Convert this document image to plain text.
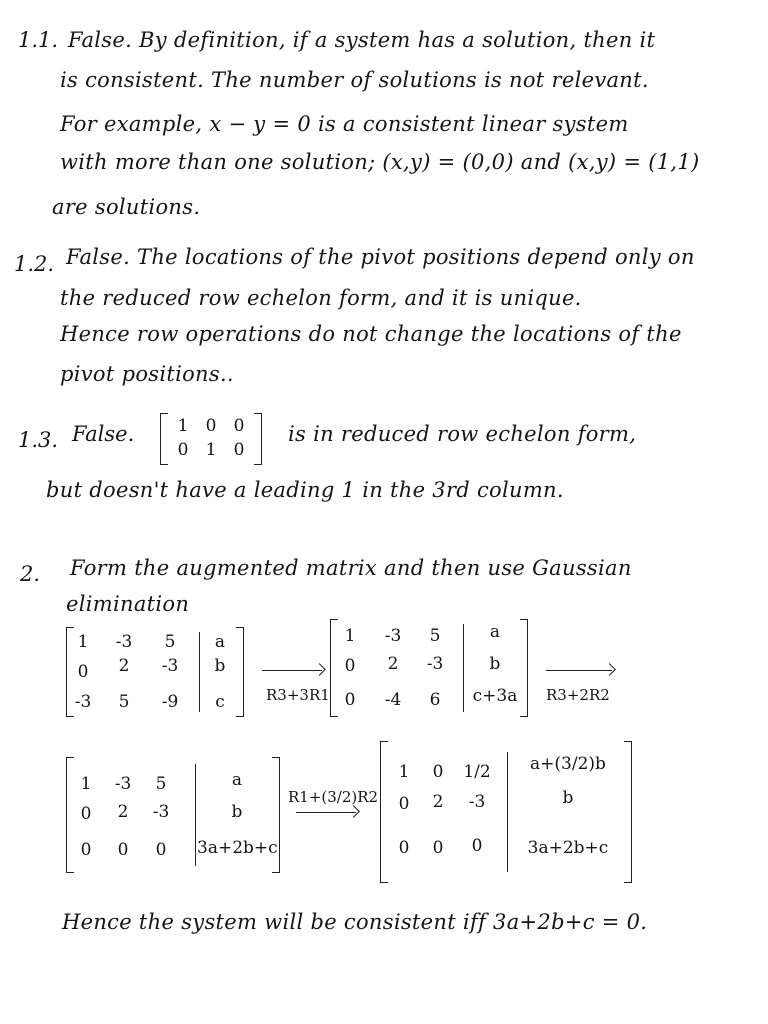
1.1. False. By definition, if a system has a solution, then it
is consistent. The number of solutions is not relevant.
For example, x − y = 0 is a consistent linear system
with more than one solution; (x,y) = (0,0) and (x,y) = (1,1)
are solutions.
1.2. False. The locations of the pivot positions depend only on
the reduced row echelon form, and it is unique.
Hence row operations do not change the locations of the
pivot positions..
1.3. False.	1	0	0
0	1	0
is in reduced row echelon form,
but doesn't have a leading 1 in the 3rd column.
2. Form the augmented matrix and then use Gaussian
elimination
1	-3	5	a
0	2	-3	b
-3	5	-9	c	R3+3R1
1	-3	5	a
0	2	-3	b
0	-4	6	c+3a	R3+2R2
1	-3	5	a
0	2	-3	b
0	0	0	3a+2b+c
R1+(3/2)R2
1	0	1/2	a+(3/2)b
0	2	-3	b
0	0	0	3a+2b+c
Hence the system will be consistent iff 3a+2b+c = 0.
